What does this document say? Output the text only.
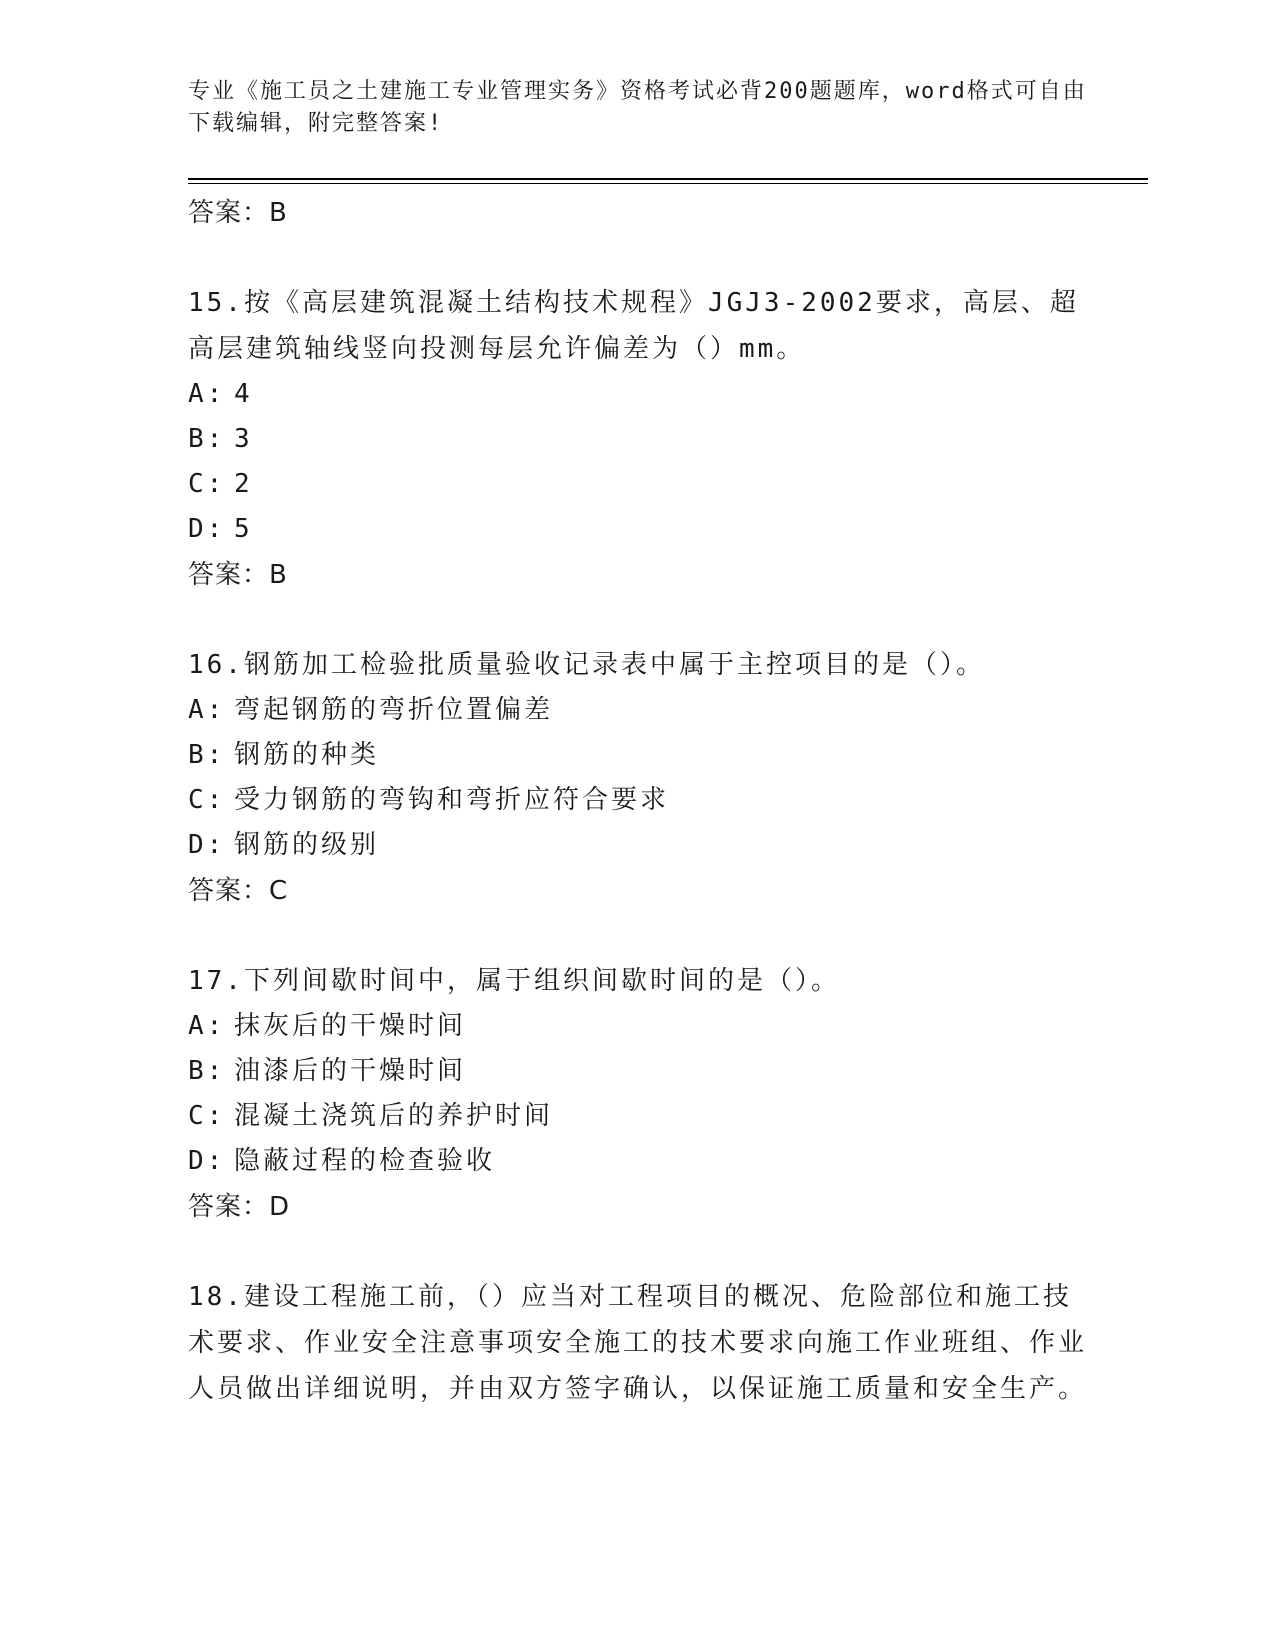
专业《施工员之土建施工专业管理实务》资格考试必背200题题库，word格式可自由下载编辑，附完整答案!
答案：B
15.按《高层建筑混凝土结构技术规程》JGJ3-2002要求，高层、超高层建筑轴线竖向投测每层允许偏差为（）mm。
A: 4
B: 3
C: 2
D: 5
答案：B
16.钢筋加工检验批质量验收记录表中属于主控项目的是（）。
A: 弯起钢筋的弯折位置偏差
B: 钢筋的种类
C: 受力钢筋的弯钩和弯折应符合要求
D: 钢筋的级别
答案：C
17.下列间歇时间中，属于组织间歇时间的是（）。
A: 抹灰后的干燥时间
B: 油漆后的干燥时间
C: 混凝土浇筑后的养护时间
D: 隐蔽过程的检查验收
答案：D
18.建设工程施工前，（）应当对工程项目的概况、危险部位和施工技术要求、作业安全注意事项安全施工的技术要求向施工作业班组、作业人员做出详细说明，并由双方签字确认，以保证施工质量和安全生产。
